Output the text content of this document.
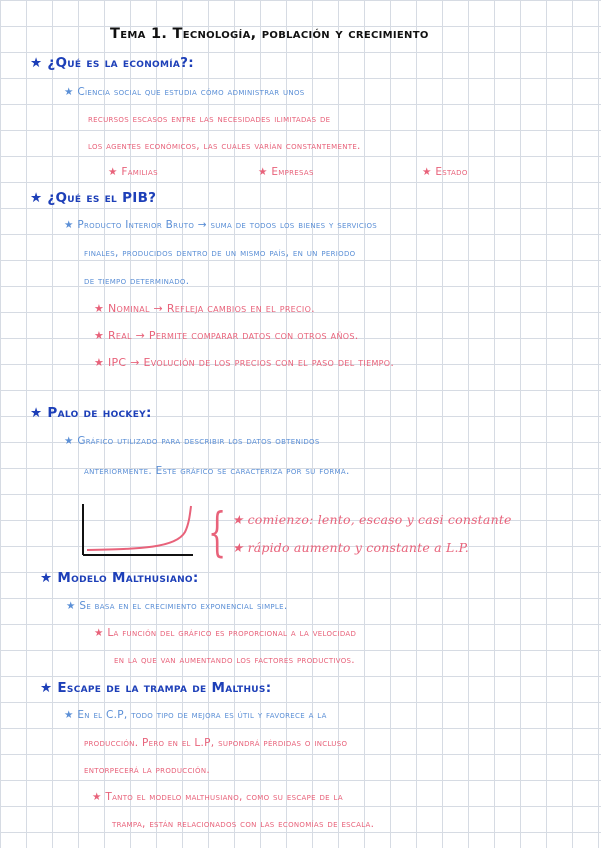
Tema 1. Tecnología, población y crecimiento
★ ¿Qué es la economía?:
★ Ciencia social que estudia cómo administrar unos
recursos escasos entre las necesidades ilimitadas de
los agentes económicos, las cuales varían constantemente.
★ Familias	★ Empresas	★ Estado
★ ¿Qué es el PIB?
★ Producto Interior Bruto → suma de todos los bienes y servicios
finales, producidos dentro de un mismo país, en un periodo
de tiempo determinado.
★ Nominal → Refleja cambios en el precio.
★ Real → Permite comparar datos con otros años.
★ IPC → Evolución de los precios con el paso del tiempo.
★ Palo de hockey:
★ Gráfico utilizado para describir los datos obtenidos
anteriormente. Este gráfico se caracteriza por su forma.
{ ★ comienzo: lento, escaso y casi constante
★ rápido aumento y constante a L.P.
★ Modelo Malthusiano:
★ Se basa en el crecimiento exponencial simple.
★ La función del gráfico es proporcional a la velocidad
en la que van aumentando los factores productivos.
★ Escape de la trampa de Malthus:
★ En el C.P, todo tipo de mejora es útil y favorece a la
producción. Pero en el L.P, supondrá pérdidas o incluso
entorpecerá la producción.
★ Tanto el modelo malthusiano, como su escape de la
trampa, están relacionados con las economías de escala.
